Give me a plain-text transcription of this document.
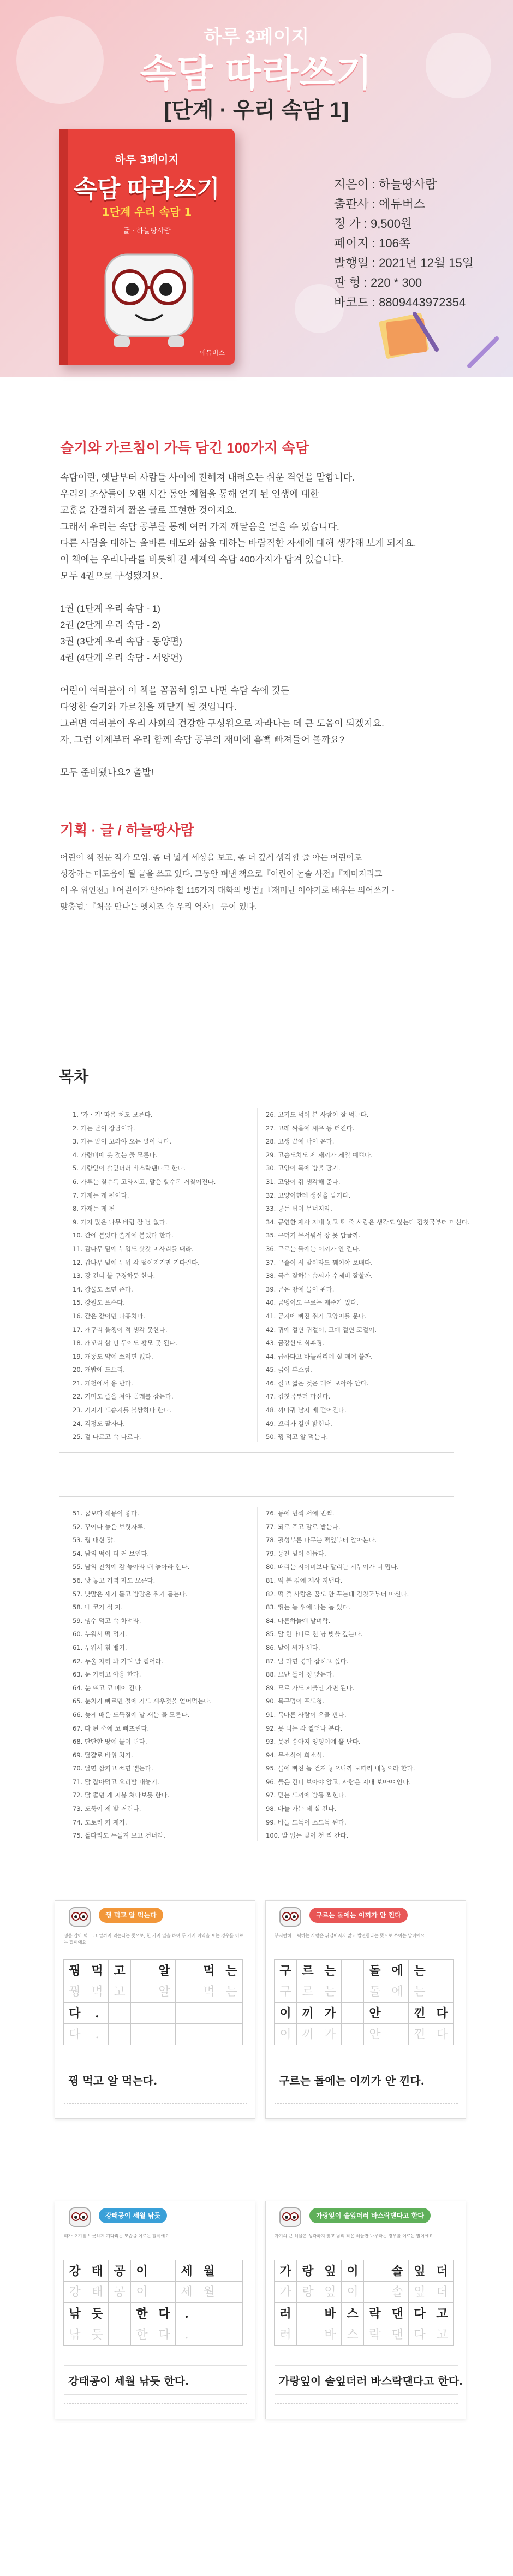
하루 3페이지
속담 따라쓰기
[단계 · 우리 속담 1]
하루 3페이지
속담 따라쓰기
1단계 우리 속담 1
글 · 하늘땅사람
에듀버스
지은이 : 하늘땅사람
출판사 : 에듀버스
정 가 : 9,500원
페이지 : 106쪽
발행일 : 2021년 12월 15일
판 형 : 220 * 300
바코드 : 8809443972354
슬기와 가르침이 가득 담긴 100가지 속담

속담이란, 옛날부터 사람들 사이에 전해져 내려오는 쉬운 격언을 말합니다.

우리의 조상들이 오랜 시간 동안 체험을 통해 얻게 된 인생에 대한

교훈을 간결하게 짧은 글로 표현한 것이지요.

그래서 우리는 속담 공부를 통해 여러 가지 깨달음을 얻을 수 있습니다.

다른 사람을 대하는 올바른 태도와 삶을 대하는 바람직한 자세에 대해 생각해 보게 되지요.

이 책에는 우리나라를 비롯해 전 세계의 속담 400가지가 담겨 있습니다.

모두 4권으로 구성됐지요.

1권 (1단계 우리 속담 - 1)

2권 (2단계 우리 속담 - 2)

3권 (3단계 우리 속담 - 동양편)

4권 (4단계 우리 속담 - 서양편)

어린이 여러분이 이 책을 꼼꼼히 읽고 나면 속담 속에 깃든

다양한 슬기와 가르침을 깨닫게 될 것입니다.

그러면 여러분이 우리 사회의 건강한 구성원으로 자라나는 데 큰 도움이 되겠지요.

자, 그럼 이제부터 우리 함께 속담 공부의 재미에 흠뻑 빠져들어 볼까요?

모두 준비됐나요? 출발!

기획 · 글 / 하늘땅사람

어린이 책 전문 작가 모임. 좀 더 넓게 세상을 보고, 좀 더 깊게 생각할 줄 아는 어린이로

성장하는 데도움이 될 글을 쓰고 있다. 그동안 펴낸 책으로『어린이 논술 사전』『재미지리그

이 우 위인전』『어린이가 알아야 할 115가지 대화의 방법』『재미난 이야기로 배우는 의어쓰기 -

맞춤법』『처음 만나는 옛시조 속 우리 역사』 등이 있다.

목차
1. '가 · 기' 따름 처도 모른다.
2. 가는 날이 장날이다.
3. 가는 말이 고와야 오는 말이 곱다.
4. 가랑비에 옷 젖는 줄 모른다.
5. 가랑잎이 솔잎더러 바스락댄다고 한다.
6. 가루는 칠수록 고와지고, 말은 할수록 거칠어진다.
7. 가재는 게 편이다.
8. 가재는 게 편
9. 가지 많은 나무 바람 잘 날 없다.
10. 간에 붙었다 쓸개에 붙었다 한다.
11. 감나무 밑에 누워도 삿갓 미사리를 대라.
12. 갑나무 밑에 누워 감 떨어지기만 기다린다.
13. 강 건너 불 구경하듯 한다.
14. 강물도 쓰면 준다.
15. 강원도 포수다.
16. 같은 값이면 다홍치마.
17. 개구리 올챙이 적 생각 못한다.
18. 개꼬리 삼 년 두어도 황모 못 된다.
19. 개똥도 약에 쓰려면 없다.
20. 개밥에 도토리.
21. 개천에서 용 난다.
22. 거미도 줄을 쳐야 벌레를 잡는다.
23. 거지가 도승지를 불쌍하다 한다.
24. 걱정도 팔자다.
25. 겉 다르고 속 다르다.
26. 고기도 먹어 본 사람이 잘 먹는다.
27. 고래 싸움에 새우 등 터진다.
28. 고생 끝에 낙이 온다.
29. 고슴도치도 제 새끼가 제일 예쁘다.
30. 고양이 목에 방울 달기.
31. 고양이 쥐 생각해 준다.
32. 고양이한테 생선을 맡기다.
33. 공든 탑이 무너지랴.
34. 공연한 제사 지내 놓고 떡 줄 사람은 생각도 않는데 김칫국부터 마신다.
35. 구더기 무서워서 장 못 담글까.
36. 구르는 돌에는 이끼가 안 낀다.
37. 구슬이 서 말이라도 꿰어야 보배다.
38. 국수 잘하는 솜씨가 수제비 잘할까.
39. 굳은 땅에 물이 괸다.
40. 굼벵이도 구르는 재주가 있다.
41. 궁지에 빠진 쥐가 고양이를 문다.
42. 귀에 걸면 귀걸이, 코에 걸면 코걸이.
43. 금강산도 식후경.
44. 급하다고 바늘허리에 실 매어 쓸까.
45. 긁어 부스럼.
46. 길고 짧은 것은 대어 보아야 안다.
47. 김칫국부터 마신다.
48. 까마귀 날자 배 떨어진다.
49. 꼬리가 길면 밟힌다.
50. 꿩 먹고 알 먹는다.
51. 꿈보다 해몽이 좋다.
52. 꾸어다 놓은 보릿자루.
53. 꿩 대신 닭.
54. 남의 떡이 더 커 보인다.
55. 남의 잔치에 감 놓아라 배 놓아라 한다.
56. 낫 놓고 기역 자도 모른다.
57. 낮말은 새가 듣고 밤말은 쥐가 듣는다.
58. 내 코가 석 자.
59. 냉수 먹고 속 차려라.
60. 누워서 떡 먹기.
61. 누워서 침 뱉기.
62. 누울 자리 봐 가며 발 뻗어라.
63. 눈 가리고 아웅 한다.
64. 눈 뜨고 코 베어 간다.
65. 눈치가 빠르면 절에 가도 새우젓을 얻어먹는다.
66. 늦게 배운 도둑질에 날 새는 줄 모른다.
67. 다 된 죽에 코 빠뜨린다.
68. 단단한 땅에 물이 괸다.
69. 달걀로 바위 치기.
70. 달면 삼키고 쓰면 뱉는다.
71. 닭 잡아먹고 오리발 내놓기.
72. 닭 쫓던 개 지붕 쳐다보듯 한다.
73. 도둑이 제 발 저린다.
74. 도토리 키 재기.
75. 돌다리도 두들겨 보고 건너라.
76. 동에 번쩍 서에 번쩍.
77. 되로 주고 말로 받는다.
78. 될성부른 나무는 떡잎부터 알아본다.
79. 등잔 밑이 어둡다.
80. 때리는 시어미보다 말리는 시누이가 더 밉다.
81. 떡 본 김에 제사 지낸다.
82. 떡 줄 사람은 꿈도 안 꾸는데 김칫국부터 마신다.
83. 뛰는 놈 위에 나는 놈 있다.
84. 마른하늘에 날벼락.
85. 말 한마디로 천 냥 빚을 갚는다.
86. 말이 씨가 된다.
87. 말 타면 경마 잡히고 싶다.
88. 모난 돌이 정 맞는다.
89. 모로 가도 서울만 가면 된다.
90. 목구멍이 포도청.
91. 목마른 사람이 우물 판다.
92. 못 먹는 감 찔러나 본다.
93. 못된 송아지 엉덩이에 뿔 난다.
94. 무소식이 희소식.
95. 물에 빠진 놈 건져 놓으니까 보따리 내놓으라 한다.
96. 물은 건너 보아야 알고, 사람은 지내 보아야 안다.
97. 믿는 도끼에 발등 찍힌다.
98. 바늘 가는 데 실 간다.
99. 바늘 도둑이 소도둑 된다.
100. 발 없는 말이 천 리 간다.
꿩 먹고 알 먹는다
꿩을 잡아 먹고 그 알까지 먹는다는 뜻으로, 한 가지 일을 하여 두 가지 이익을 보는 경우를 이르는 말이에요.
꿩 먹 고	알	먹 는
꿩 먹 고	알	먹 는
다	.
다	.
꿩 먹고 알 먹는다.
구르는 돌에는 이끼가 안 낀다
부지런히 노력하는 사람은 뒤떨어지지 않고 발전한다는 뜻으로 쓰이는 말이에요.
구 르 는	돌 에 는
구 르 는	돌 에 는
이 끼 가	안	낀 다
이 끼 가	안	낀 다
구르는 돌에는 이끼가 안 낀다.
강태공이 세월 낚듯
때가 오기를 느긋하게 기다리는 모습을 이르는 말이에요.
강 태 공 이	세 월
강 태 공 이	세 월
낚 듯	한 다	.
낚 듯	한 다	.
강태공이 세월 낚듯 한다.
가랑잎이 솔잎더러 바스락댄다고 한다
자기의 큰 허물은 생각하지 않고 남의 작은 허물만 나무라는 경우를 이르는 말이에요.
가 랑 잎 이	솔 잎 더
가 랑 잎 이	솔 잎 더
러	바 스 락 댄 다 고
러	바 스 락 댄 다 고
가랑잎이 솔잎더러 바스락댄다고 한다.
